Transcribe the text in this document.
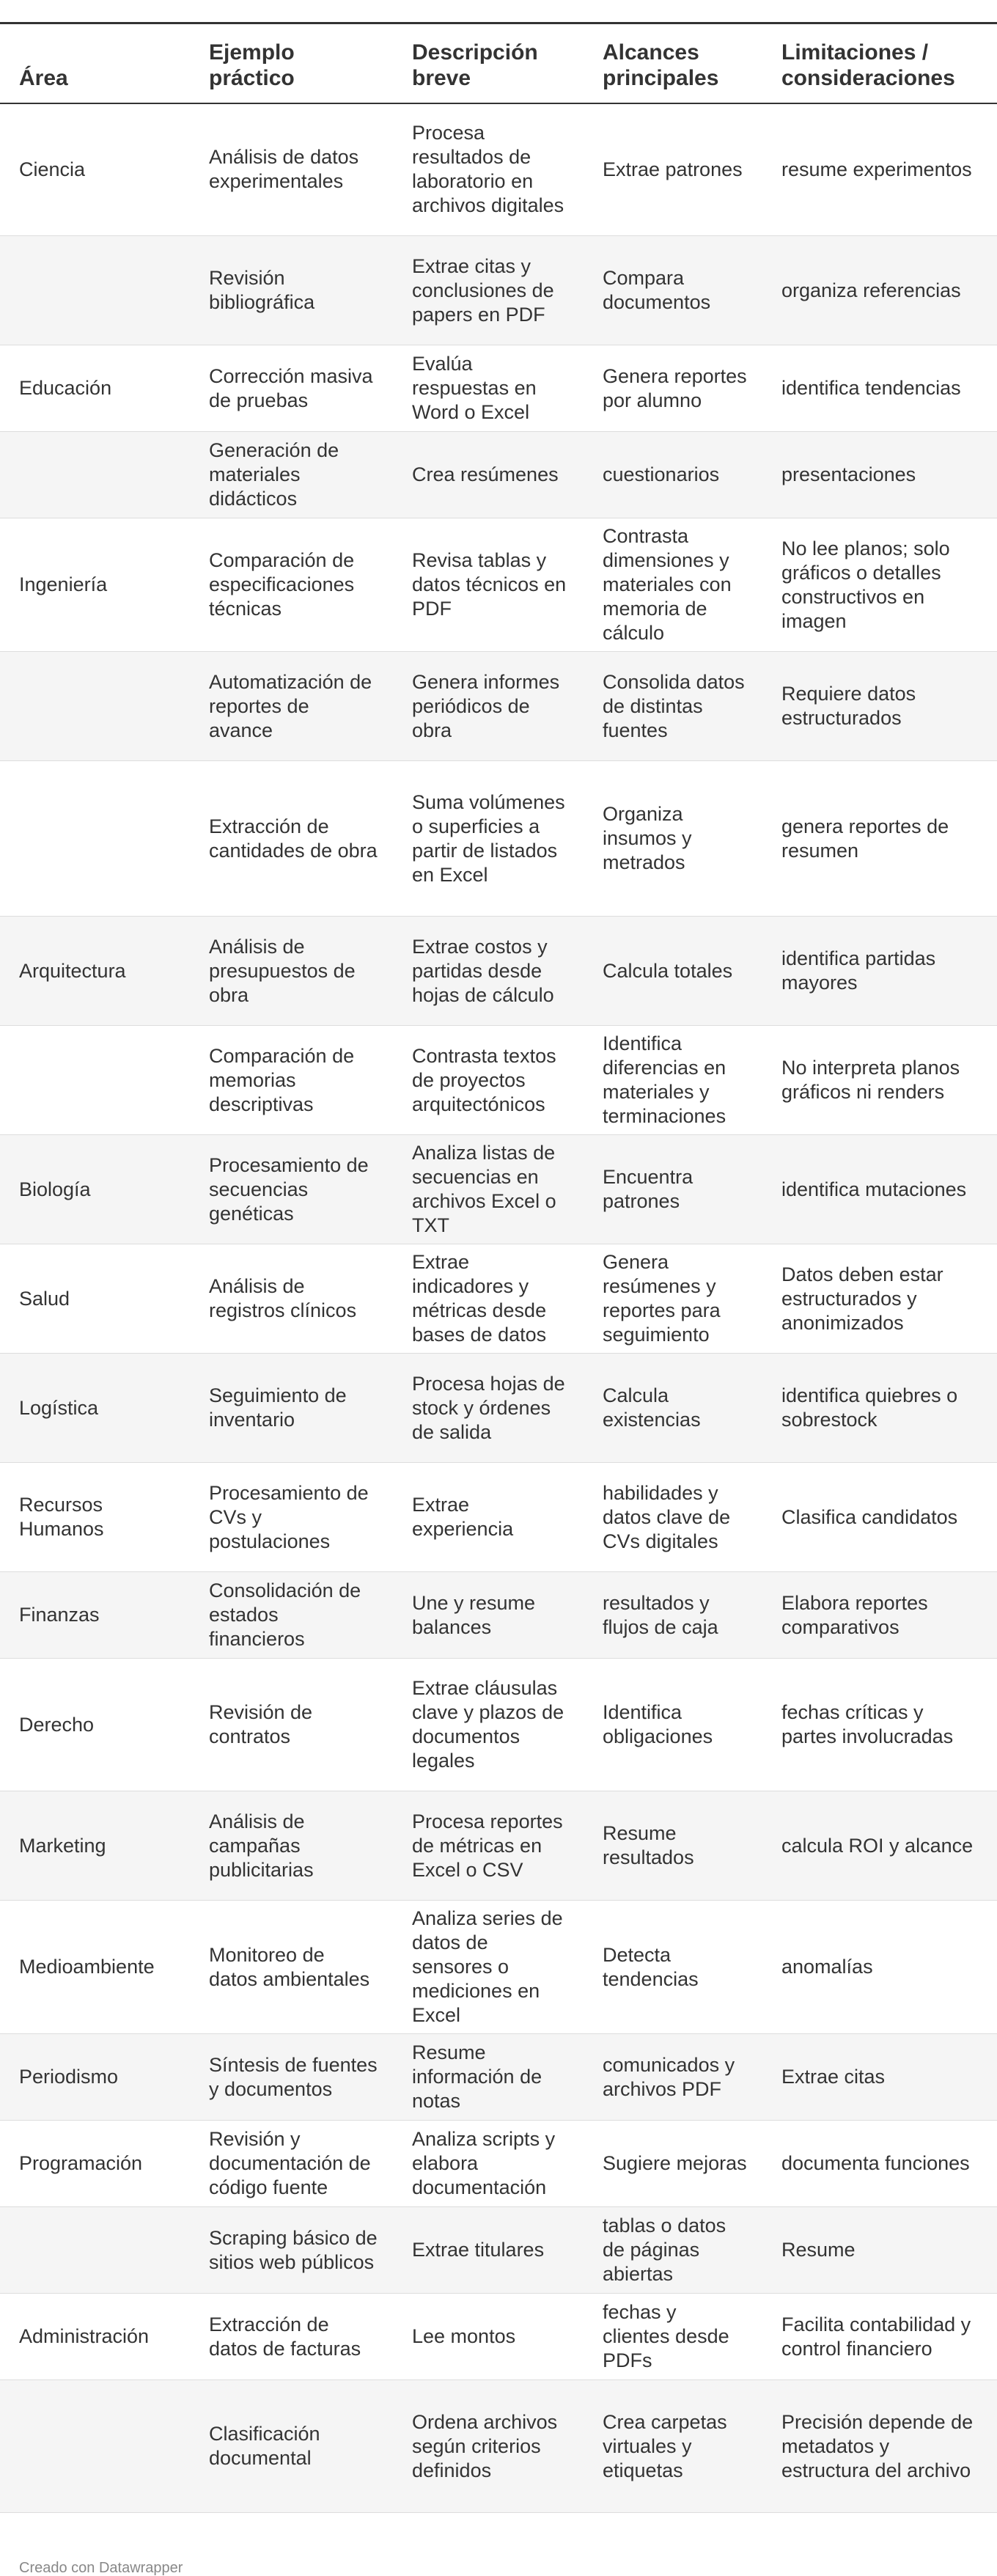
Área	Ejemplo práctico	Descripción breve	Alcances principales	Limitaciones / consideraciones
Ciencia	Análisis de datos experimentales	Procesa resultados de laboratorio en archivos digitales	Extrae patrones	resume experimentos
	Revisión bibliográfica	Extrae citas y conclusiones de papers en PDF	Compara documentos	organiza referencias
Educación	Corrección masiva de pruebas	Evalúa respuestas en Word o Excel	Genera reportes por alumno	identifica tendencias
	Generación de materiales didácticos	Crea resúmenes	cuestionarios	presentaciones
Ingeniería	Comparación de especificaciones técnicas	Revisa tablas y datos técnicos en PDF	Contrasta dimensiones y materiales con memoria de cálculo	No lee planos; solo gráficos o detalles constructivos en imagen
	Automatización de reportes de avance	Genera informes periódicos de obra	Consolida datos de distintas fuentes	Requiere datos estructurados
	Extracción de cantidades de obra	Suma volúmenes o superficies a partir de listados en Excel	Organiza insumos y metrados	genera reportes de resumen
Arquitectura	Análisis de presupuestos de obra	Extrae costos y partidas desde hojas de cálculo	Calcula totales	identifica partidas mayores
	Comparación de memorias descriptivas	Contrasta textos de proyectos arquitectónicos	Identifica diferencias en materiales y terminaciones	No interpreta planos gráficos ni renders
Biología	Procesamiento de secuencias genéticas	Analiza listas de secuencias en archivos Excel o TXT	Encuentra patrones	identifica mutaciones
Salud	Análisis de registros clínicos	Extrae indicadores y métricas desde bases de datos	Genera resúmenes y reportes para seguimiento	Datos deben estar estructurados y anonimizados
Logística	Seguimiento de inventario	Procesa hojas de stock y órdenes de salida	Calcula existencias	identifica quiebres o sobrestock
Recursos Humanos	Procesamiento de CVs y postulaciones	Extrae experiencia	habilidades y datos clave de CVs digitales	Clasifica candidatos
Finanzas	Consolidación de estados financieros	Une y resume balances	resultados y flujos de caja	Elabora reportes comparativos
Derecho	Revisión de contratos	Extrae cláusulas clave y plazos de documentos legales	Identifica obligaciones	fechas críticas y partes involucradas
Marketing	Análisis de campañas publicitarias	Procesa reportes de métricas en Excel o CSV	Resume resultados	calcula ROI y alcance
Medioambiente	Monitoreo de datos ambientales	Analiza series de datos de sensores o mediciones en Excel	Detecta tendencias	anomalías
Periodismo	Síntesis de fuentes y documentos	Resume información de notas	comunicados y archivos PDF	Extrae citas
Programación	Revisión y documentación de código fuente	Analiza scripts y elabora documentación	Sugiere mejoras	documenta funciones
	Scraping básico de sitios web públicos	Extrae titulares	tablas o datos de páginas abiertas	Resume
Administración	Extracción de datos de facturas	Lee montos	fechas y clientes desde PDFs	Facilita contabilidad y control financiero
	Clasificación documental	Ordena archivos según criterios definidos	Crea carpetas virtuales y etiquetas	Precisión depende de metadatos y estructura del archivo
Creado con Datawrapper
